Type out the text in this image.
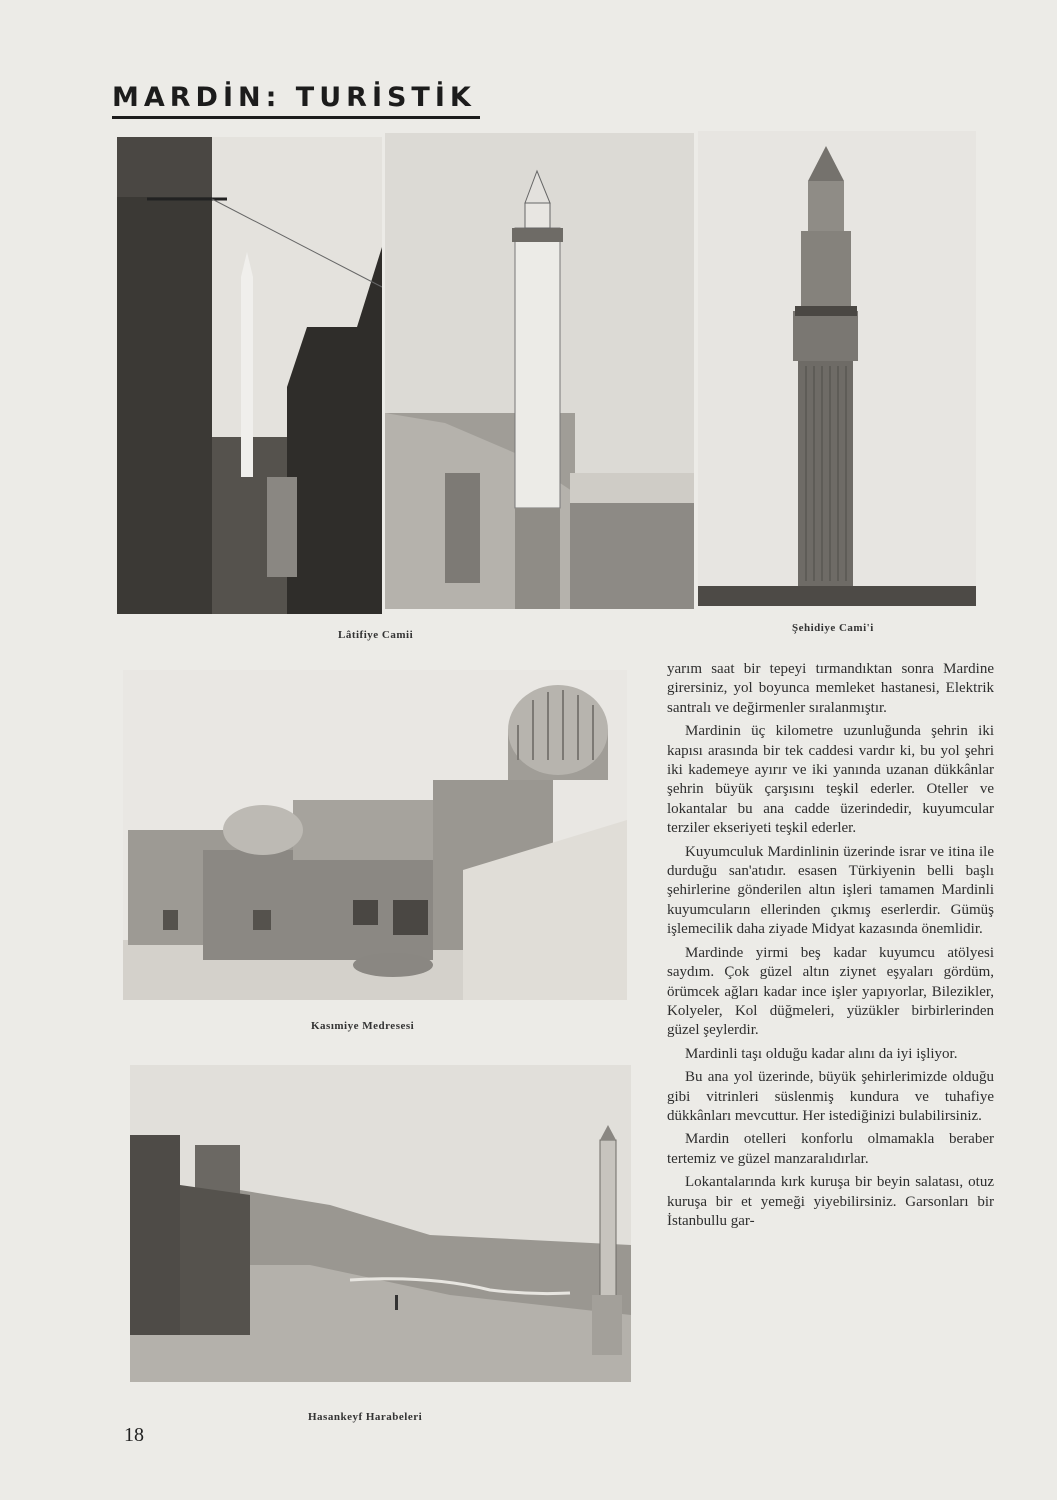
MARDİN: TURİSTİK
Lâtifiye Camii
Şehidiye Cami'i
Kasımiye Medresesi
Hasankeyf Harabeleri

yarım saat bir tepeyi tırmandıktan sonra Mardine girersiniz, yol boyunca memleket hastanesi, Elektrik santralı ve değirmenler sıralanmıştır.

Mardinin üç kilometre uzunluğunda şehrin iki kapısı arasında bir tek caddesi vardır ki, bu yol şehri iki kademeye ayırır ve iki yanında uzanan dükkânlar şehrin büyük çarşısını teşkil ederler. Oteller ve lokantalar bu ana cadde üzerindedir, kuyumcular terziler ekseriyeti teşkil ederler.

Kuyumculuk Mardinlinin üzerinde israr ve itina ile durduğu san'atıdır. esasen Türkiyenin belli başlı şehirlerine gönderilen altın işleri tamamen Mardinli kuyumcuların ellerinden çıkmış eserlerdir. Gümüş işlemecilik daha ziyade Midyat kazasında önemlidir.

Mardinde yirmi beş kadar kuyumcu atölyesi saydım. Çok güzel altın ziynet eşyaları gördüm, örümcek ağları kadar ince işler yapıyorlar, Bilezikler, Kolyeler, Kol düğmeleri, yüzükler birbirlerinden güzel şeylerdir.

Mardinli taşı olduğu kadar alını da iyi işliyor.

Bu ana yol üzerinde, büyük şehirlerimizde olduğu gibi vitrinleri süslenmiş kundura ve tuhafiye dükkânları mevcuttur. Her istediğinizi bulabilirsiniz.

Mardin otelleri konforlu olmamakla beraber tertemiz ve güzel manzaralıdırlar.

Lokantalarında kırk kuruşa bir beyin salatası, otuz kuruşa bir et yemeği yiyebilirsiniz. Garsonları bir İstanbullu gar-

18
